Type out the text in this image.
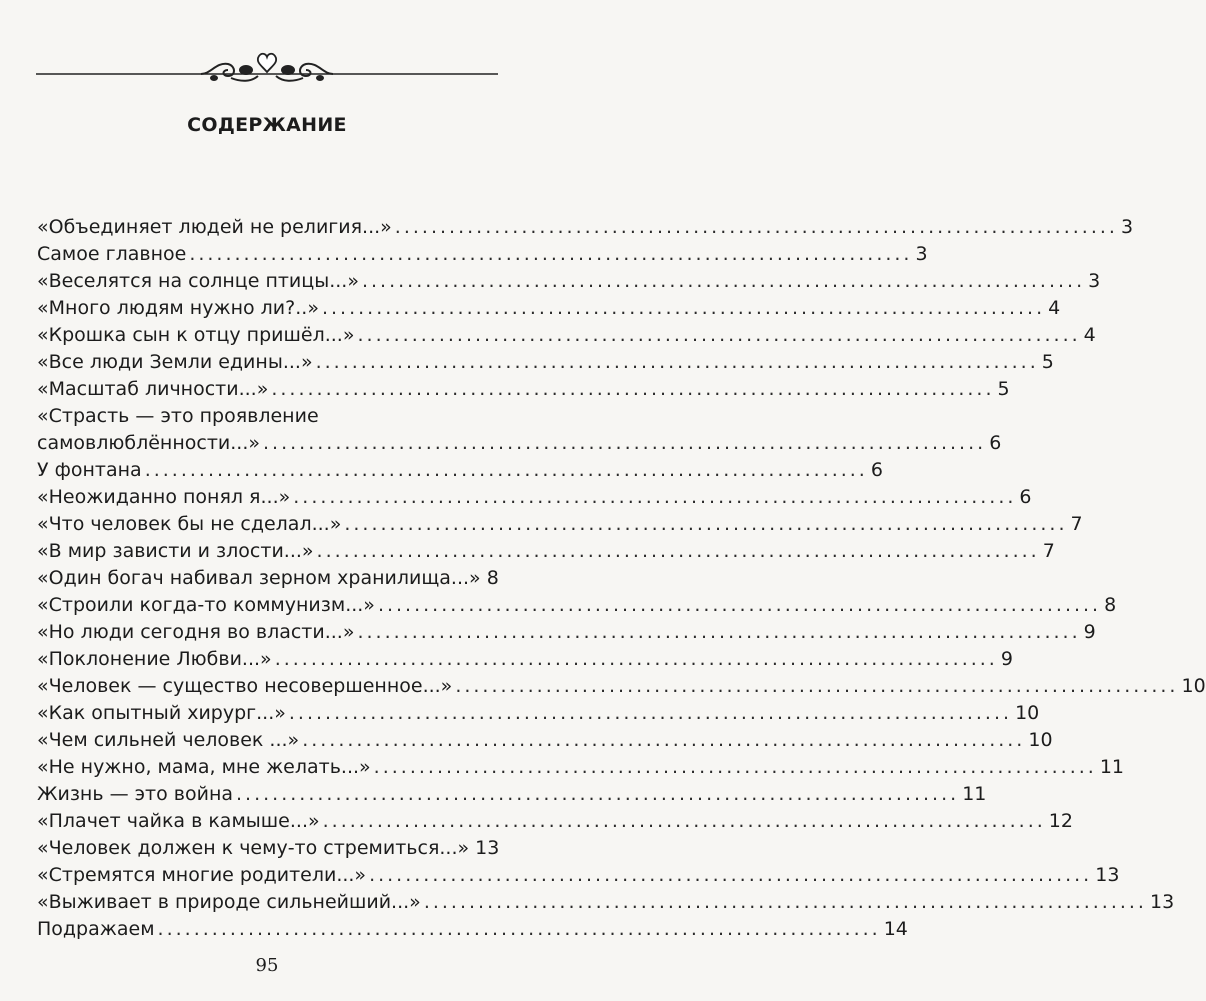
СОДЕРЖАНИЕ
«Объединяет людей не религия...» ................................................................................ 3
Самое главное ................................................................................ 3
«Веселятся на солнце птицы...» ................................................................................ 3
«Много людям нужно ли?..» ................................................................................ 4
«Крошка сын к отцу пришёл...» ................................................................................ 4
«Все люди Земли едины...» ................................................................................ 5
«Масштаб личности...» ................................................................................ 5
«Страсть — это проявление
самовлюблённости...» ................................................................................ 6
У фонтана ................................................................................ 6
«Неожиданно понял я...» ................................................................................ 6
«Что человек бы не сделал...» ................................................................................ 7
«В мир зависти и злости...» ................................................................................ 7
«Один богач набивал зерном хранилища...» 8
«Строили когда-то коммунизм...» ................................................................................ 8
«Но люди сегодня во власти...» ................................................................................ 9
«Поклонение Любви...» ................................................................................ 9
«Человек — существо несовершенное...» ................................................................................ 10
«Как опытный хирург...» ................................................................................ 10
«Чем сильней человек ...» ................................................................................ 10
«Не нужно, мама, мне желать...» ................................................................................ 11
Жизнь — это война ................................................................................ 11
«Плачет чайка в камыше...» ................................................................................ 12
«Человек должен к чему-то стремиться...» 13
«Стремятся многие родители...» ................................................................................ 13
«Выживает в природе сильнейший...» ................................................................................ 13
Подражаем ................................................................................ 14
95
